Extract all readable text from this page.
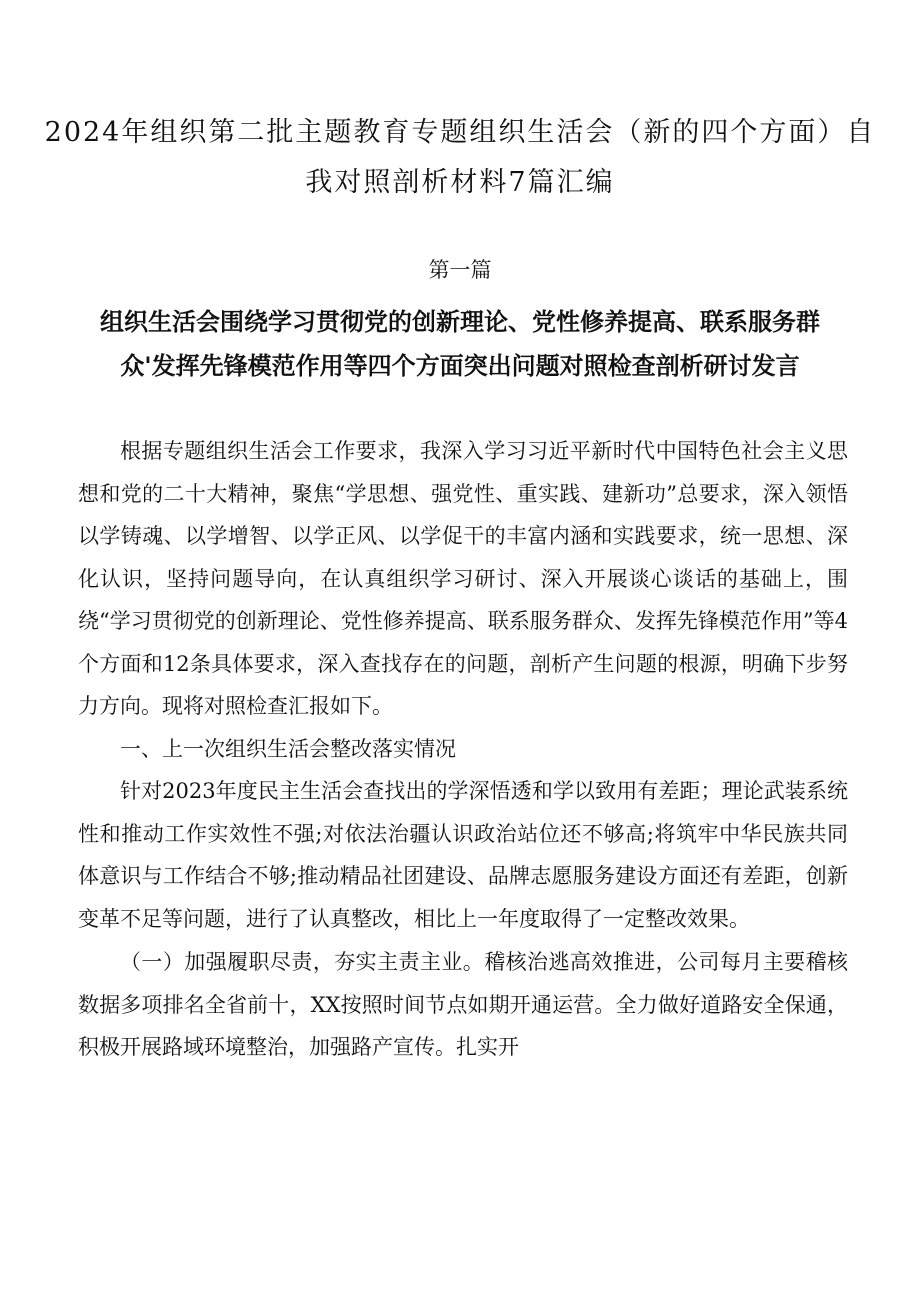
2024年组织第二批主题教育专题组织生活会（新的四个方面）自我对照剖析材料7篇汇编
第一篇
组织生活会围绕学习贯彻党的创新理论、党性修养提高、联系服务群众'发挥先锋模范作用等四个方面突出问题对照检查剖析研讨发言

根据专题组织生活会工作要求，我深入学习习近平新时代中国特色社会主义思想和党的二十大精神，聚焦“学思想、强党性、重实践、建新功”总要求，深入领悟以学铸魂、以学增智、以学正风、以学促干的丰富内涵和实践要求，统一思想、深化认识，坚持问题导向，在认真组织学习研讨、深入开展谈心谈话的基础上，围绕“学习贯彻党的创新理论、党性修养提高、联系服务群众、发挥先锋模范作用”等4个方面和12条具体要求，深入查找存在的问题，剖析产生问题的根源，明确下步努力方向。现将对照检查汇报如下。

一、上一次组织生活会整改落实情况

针对2023年度民主生活会查找出的学深悟透和学以致用有差距；理论武装系统性和推动工作实效性不强;对依法治疆认识政治站位还不够高;将筑牢中华民族共同体意识与工作结合不够;推动精品社团建设、品牌志愿服务建设方面还有差距，创新变革不足等问题，进行了认真整改，相比上一年度取得了一定整改效果。

（一）加强履职尽责，夯实主责主业。稽核治逃高效推进，公司每月主要稽核数据多项排名全省前十，XX按照时间节点如期开通运营。全力做好道路安全保通，积极开展路域环境整治，加强路产宣传。扎实开
